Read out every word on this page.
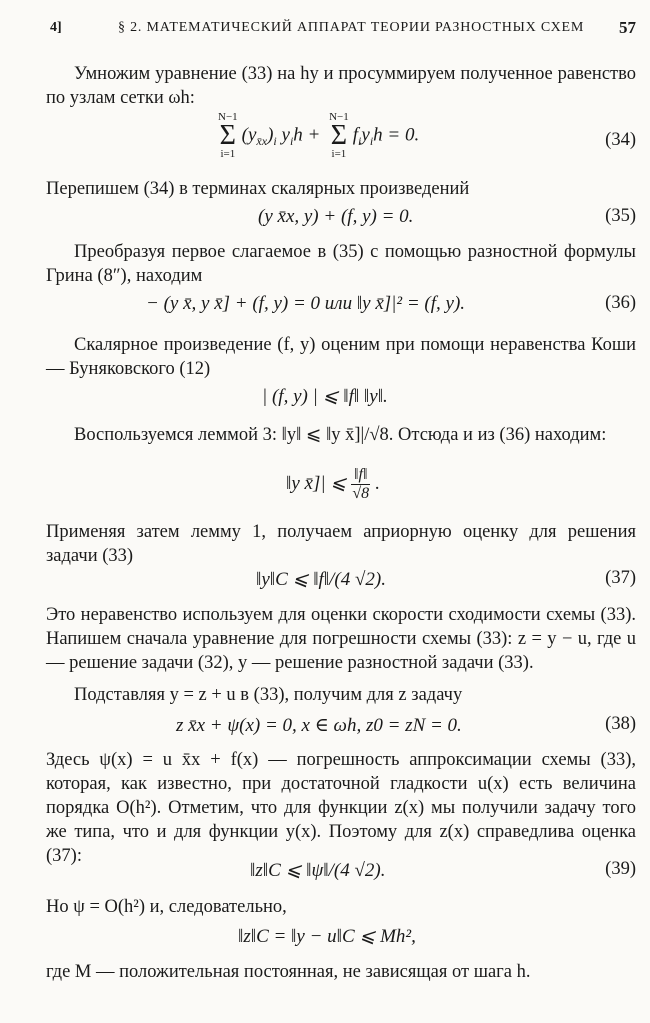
4]	§ 2. МАТЕМАТИЧЕСКИЙ АППАРАТ ТЕОРИИ РАЗНОСТНЫХ СХЕМ 57

Умножим уравнение (33) на hy и просуммируем полученное равенство по узлам сетки ωh:

N−1
Σ
i=1
$(y_{x̄x})_i$ $y_ih$ +
N−1
Σ
i=1
$f_iy_ih = 0$.	(34)

Перепишем (34) в терминах скалярных произведений

(y x̄x, y) + (f, y) = 0.	(35)

Преобразуя первое слагаемое в (35) с помощью разностной формулы Грина (8″), находим

− (y x̄, y x̄] + (f, y) = 0 или ‖y x̄]|² = (f, y).	(36)

Скалярное произведение (f, y) оценим при помощи неравенства Коши — Буняковского (12)

| (f, y) | ⩽ ‖f‖ ‖y‖.

Воспользуемся леммой 3: ‖y‖ ⩽ ‖y x̄]|/√8. Отсюда и из (36) находим:

‖y x̄]| ⩽ $\frac{‖f‖}{√8}$ .

Применяя затем лемму 1, получаем априорную оценку для решения задачи (33)

‖y‖C ⩽ ‖f‖/(4 √2).	(37)

Это неравенство используем для оценки скорости сходимости схемы (33). Напишем сначала уравнение для погрешности схемы (33): z = y − u, где u — решение задачи (32), y — решение разностной задачи (33).

Подставляя y = z + u в (33), получим для z задачу

z x̄x + ψ(x) = 0, x ∈ ωh, z0 = zN = 0.	(38)

Здесь ψ(x) = u x̄x + f(x) — погрешность аппроксимации схемы (33), которая, как известно, при достаточной гладкости u(x) есть величина порядка O(h²). Отметим, что для функции z(x) мы получили задачу того же типа, что и для функции y(x). Поэтому для z(x) справедлива оценка (37):

‖z‖C ⩽ ‖ψ‖/(4 √2).	(39)

Но ψ = O(h²) и, следовательно,

‖z‖C = ‖y − u‖C ⩽ Mh²,

где M — положительная постоянная, не зависящая от шага h.
